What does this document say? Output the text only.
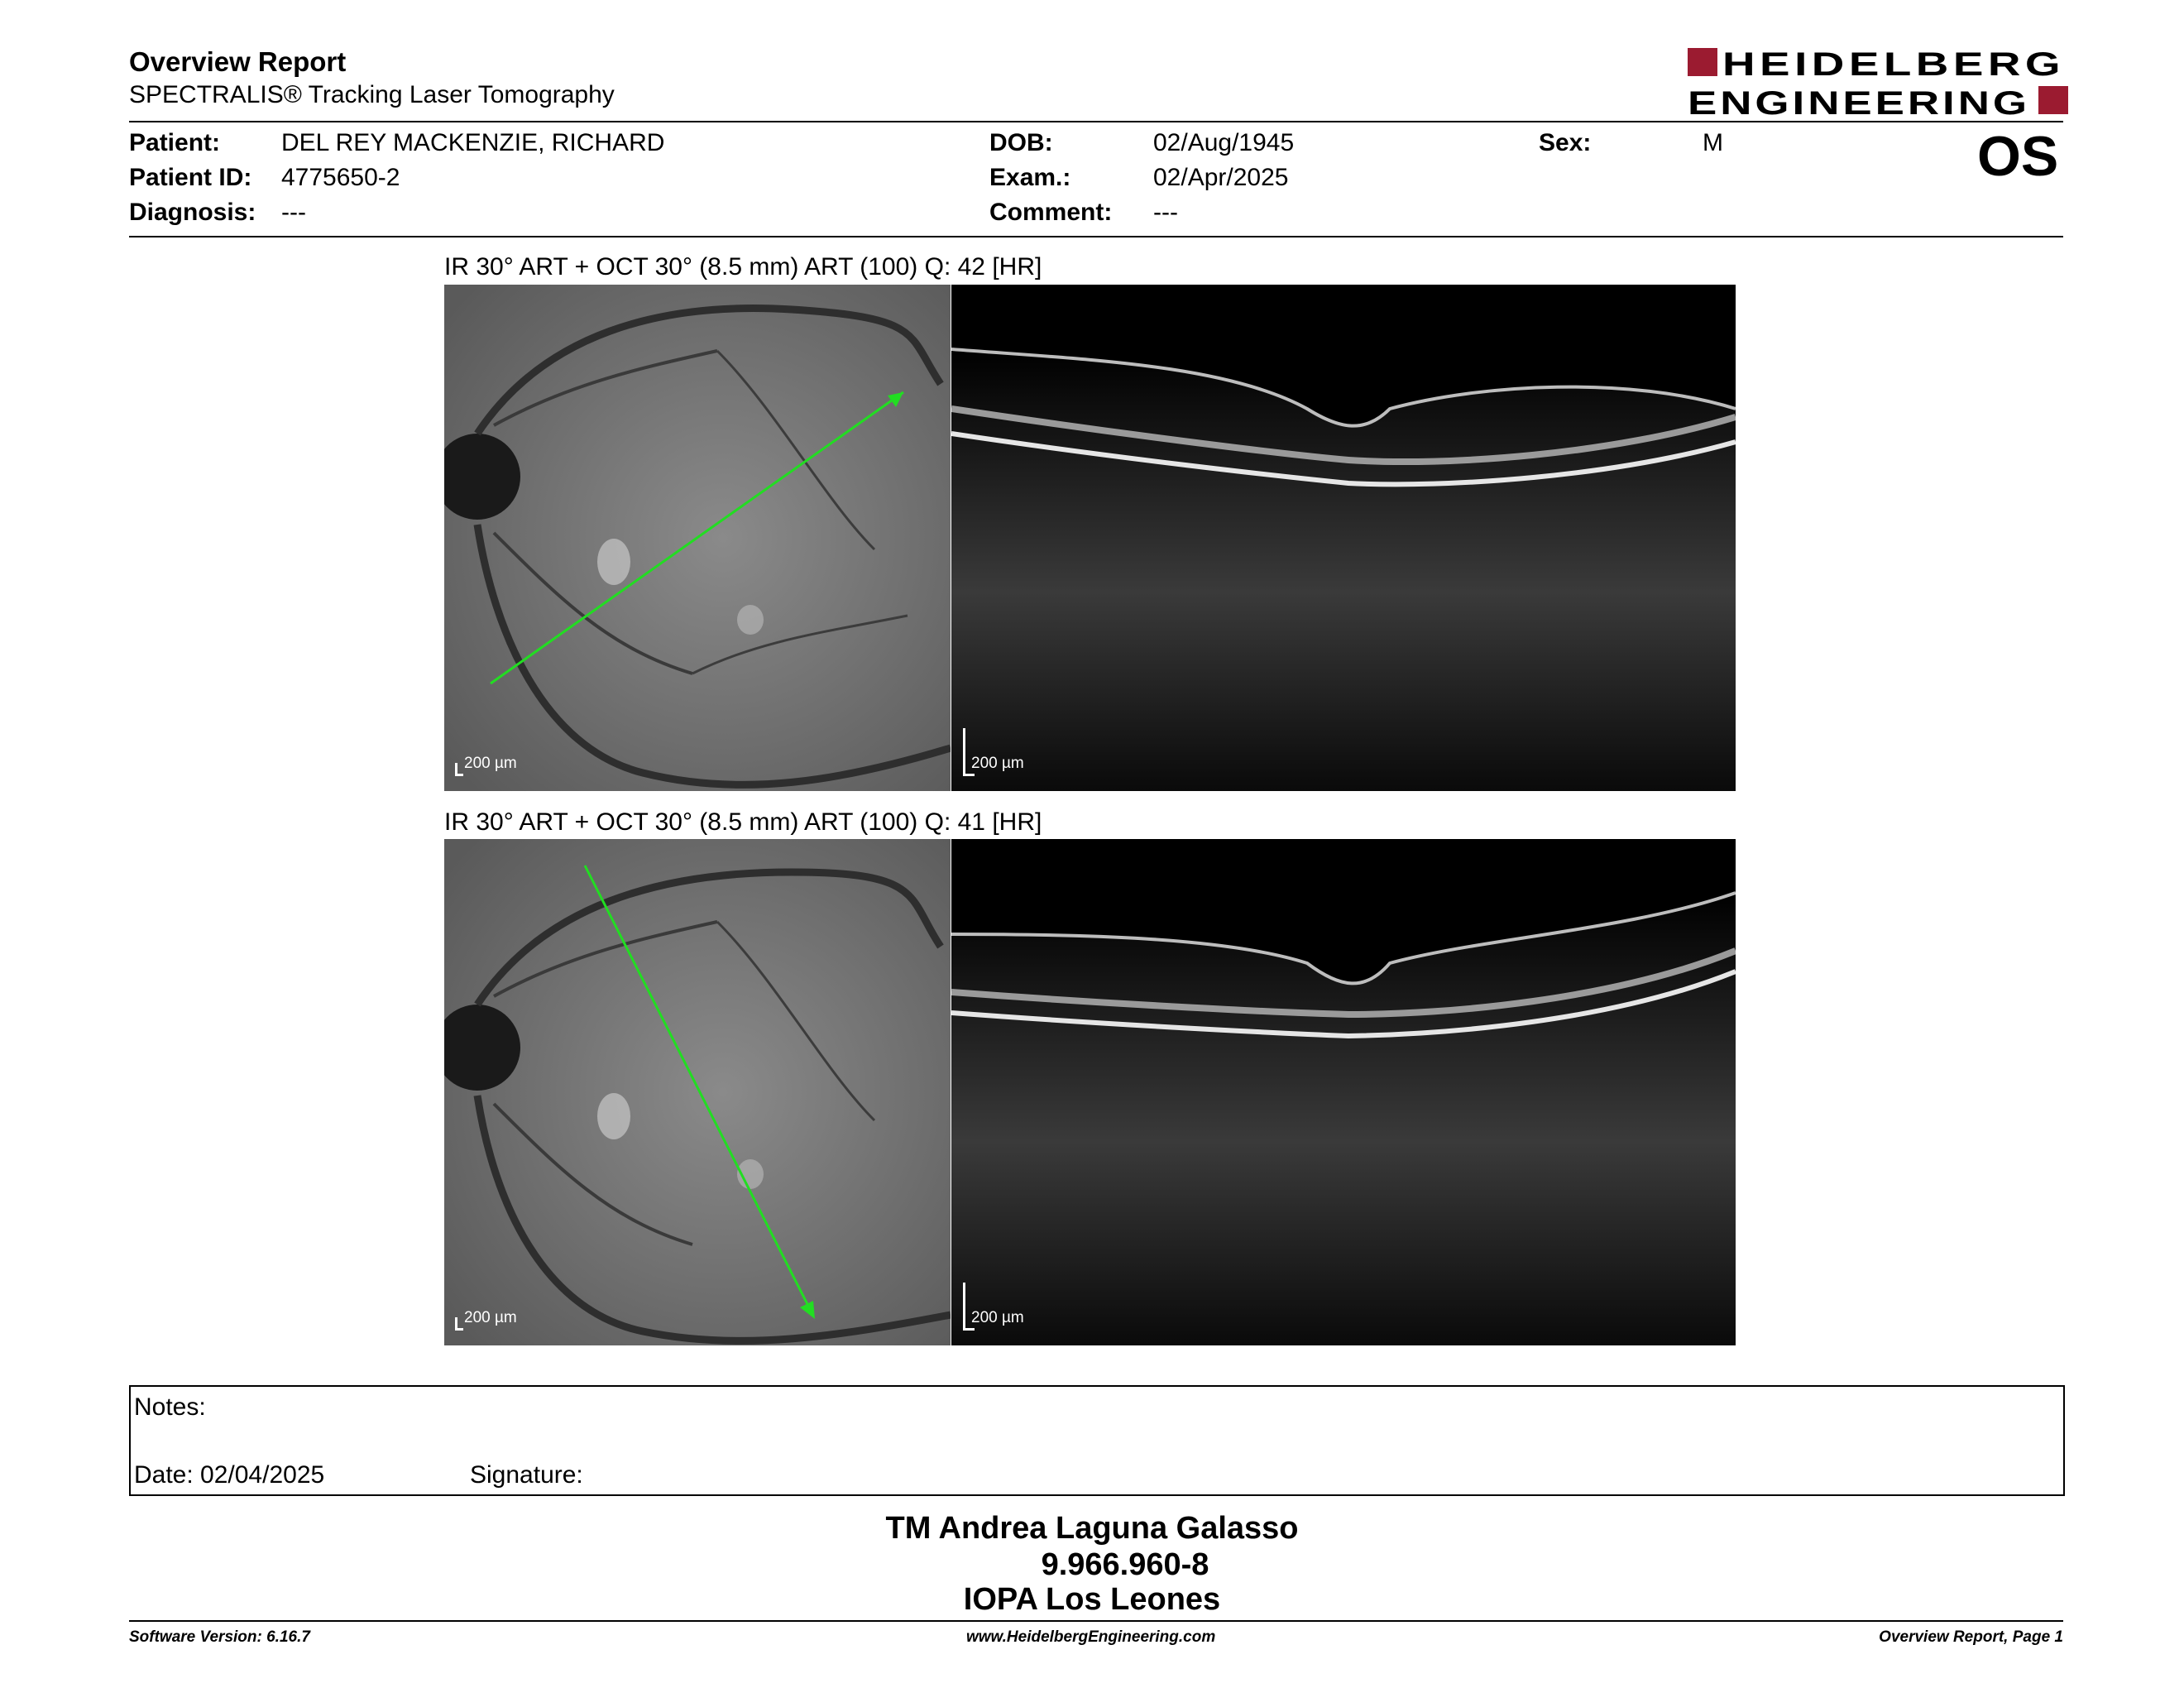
Overview Report
SPECTRALIS® Tracking Laser Tomography
HEIDELBERG
ENGINEERING
Patient: DEL REY MACKENZIE, RICHARD
Patient ID: 4775650-2
Diagnosis: ---
DOB:	02/Aug/1945
Exam.:	02/Apr/2025
Comment: ---
Sex:	M	OS
IR 30° ART + OCT 30° (8.5 mm) ART (100) Q: 42 [HR]
200 µm	200 µm
IR 30° ART + OCT 30° (8.5 mm) ART (100) Q: 41 [HR]
200 µm	200 µm
Notes:
Date: 02/04/2025	Signature:
TM Andrea Laguna Galasso
9.966.960-8
IOPA Los Leones
Software Version: 6.16.7	www.HeidelbergEngineering.com	Overview Report, Page 1
